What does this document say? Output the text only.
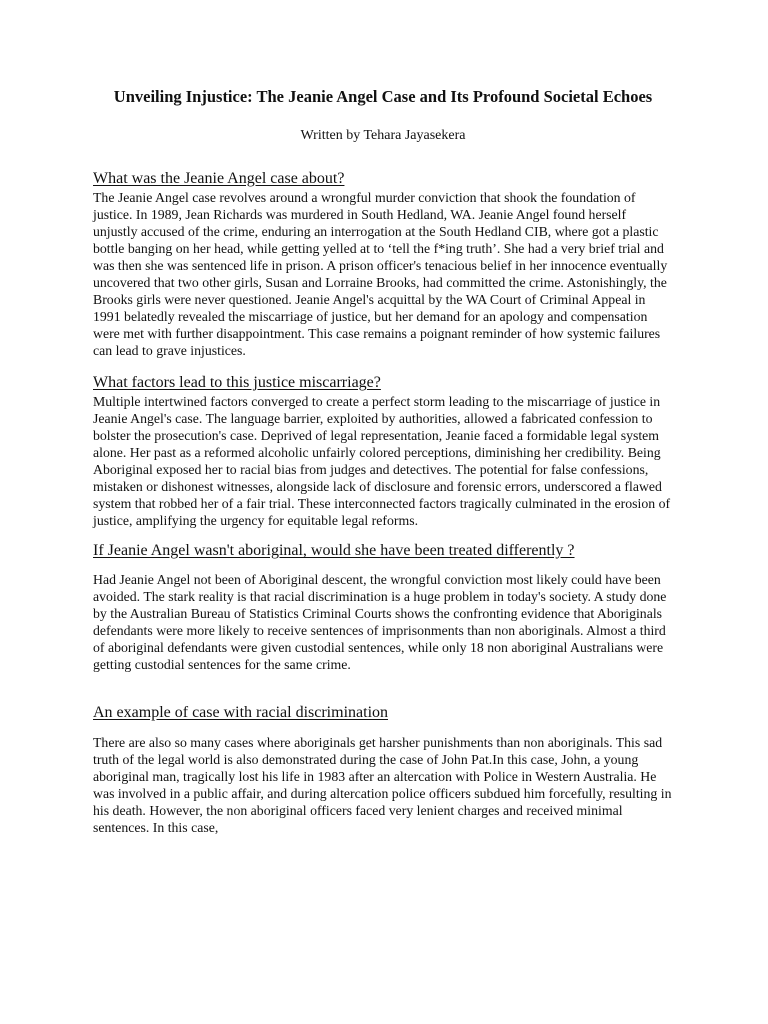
Unveiling Injustice: The Jeanie Angel Case and Its Profound Societal Echoes

Written by Tehara Jayasekera

What was the Jeanie Angel case about?

The Jeanie Angel case revolves around a wrongful murder conviction that shook the foundation of justice. In 1989, Jean Richards was murdered in South Hedland, WA. Jeanie Angel found herself unjustly accused of the crime, enduring an interrogation at the South Hedland CIB, where got a plastic bottle banging on her head, while getting yelled at to ‘tell the f*ing truth’. She had a very brief trial and was then she was sentenced life in prison. A prison officer's tenacious belief in her innocence eventually uncovered that two other girls, Susan and Lorraine Brooks, had committed the crime. Astonishingly, the Brooks girls were never questioned. Jeanie Angel's acquittal by the WA Court of Criminal Appeal in 1991 belatedly revealed the miscarriage of justice, but her demand for an apology and compensation were met with further disappointment. This case remains a poignant reminder of how systemic failures can lead to grave injustices.

What factors lead to this justice miscarriage?

Multiple intertwined factors converged to create a perfect storm leading to the miscarriage of justice in Jeanie Angel's case. The language barrier, exploited by authorities, allowed a fabricated confession to bolster the prosecution's case. Deprived of legal representation, Jeanie faced a formidable legal system alone. Her past as a reformed alcoholic unfairly colored perceptions, diminishing her credibility. Being Aboriginal exposed her to racial bias from judges and detectives. The potential for false confessions, mistaken or dishonest witnesses, alongside lack of disclosure and forensic errors, underscored a flawed system that robbed her of a fair trial. These interconnected factors tragically culminated in the erosion of justice, amplifying the urgency for equitable legal reforms.

If Jeanie Angel wasn't aboriginal, would she have been treated differently ?

Had Jeanie Angel not been of Aboriginal descent, the wrongful conviction most likely could have been avoided. The stark reality is that racial discrimination is a huge problem in today's society. A study done by the Australian Bureau of Statistics Criminal Courts shows the confronting evidence that Aboriginals defendants were more likely to receive sentences of imprisonments than non aboriginals. Almost a third of aboriginal defendants were given custodial sentences, while only 18 non aboriginal Australians were getting custodial sentences for the same crime.

An example of case with racial discrimination

There are also so many cases where aboriginals get harsher punishments than non aboriginals. This sad truth of the legal world is also demonstrated during the case of John Pat.In this case, John, a young aboriginal man, tragically lost his life in 1983 after an altercation with Police in Western Australia. He was involved in a public affair, and during altercation police officers subdued him forcefully, resulting in his death. However, the non aboriginal officers faced very lenient charges and received minimal sentences. In this case,
